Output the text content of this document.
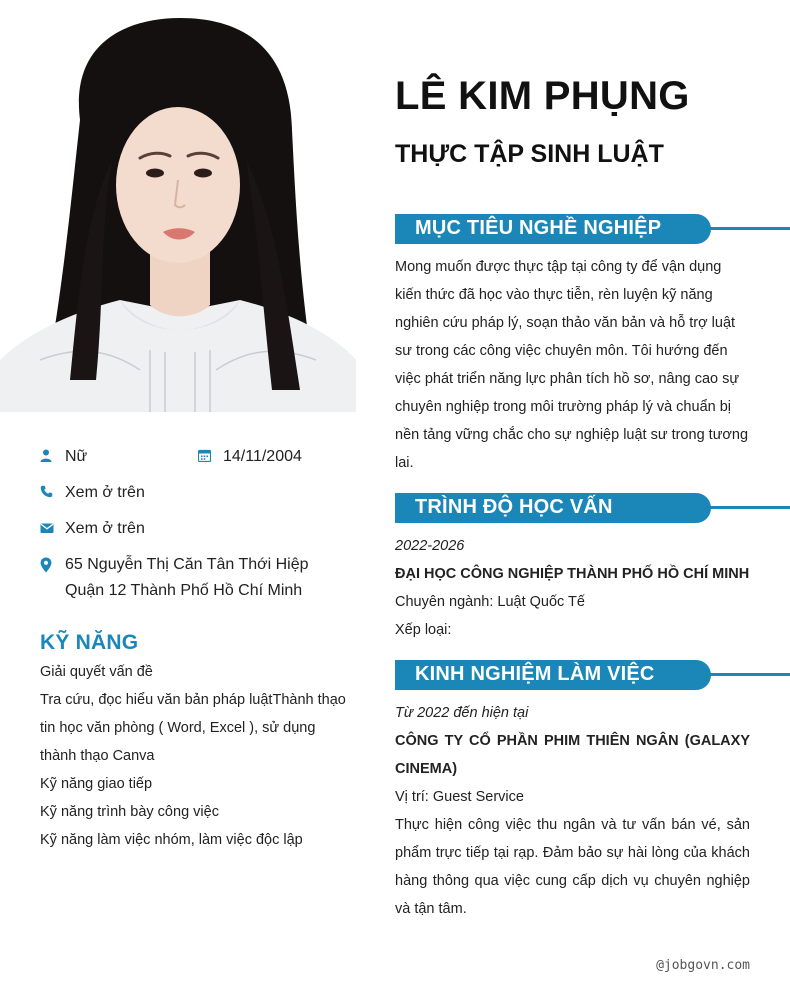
Nữ	14/11/2004
Xem ở trên
Xem ở trên
65 Nguyễn Thị Căn Tân Thới Hiệp
Quận 12 Thành Phố Hồ Chí Minh
KỸ NĂNG
Giải quyết vấn đề
Tra cứu, đọc hiểu văn bản pháp luậtThành thạo tin học văn phòng ( Word, Excel ), sử dụng thành thạo Canva
Kỹ năng giao tiếp
Kỹ năng trình bày công việc
Kỹ năng làm việc nhóm, làm việc độc lập
LÊ KIM PHỤNG
THỰC TẬP SINH LUẬT
MỤC TIÊU NGHỀ NGHIỆP
Mong muốn được thực tập tại công ty để vận dụng kiến thức đã học vào thực tiễn, rèn luyện kỹ năng nghiên cứu pháp lý, soạn thảo văn bản và hỗ trợ luật sư trong các công việc chuyên môn. Tôi hướng đến việc phát triển năng lực phân tích hồ sơ, nâng cao sự chuyên nghiệp trong môi trường pháp lý và chuẩn bị nền tảng vững chắc cho sự nghiệp luật sư trong tương lai.
TRÌNH ĐỘ HỌC VẤN
2022-2026
ĐẠI HỌC CÔNG NGHIỆP THÀNH PHỐ HỒ CHÍ MINH
Chuyên ngành: Luật Quốc Tế
Xếp loại:
KINH NGHIỆM LÀM VIỆC
Từ 2022 đến hiện tại
CÔNG TY CỔ PHẦN PHIM THIÊN NGÂN (GALAXY CINEMA)
Vị trí: Guest Service
Thực hiện công việc thu ngân và tư vấn bán vé, sản phẩm trực tiếp tại rạp. Đảm bảo sự hài lòng của khách hàng thông qua việc cung cấp dịch vụ chuyên nghiệp và tận tâm.
@jobgovn.com
